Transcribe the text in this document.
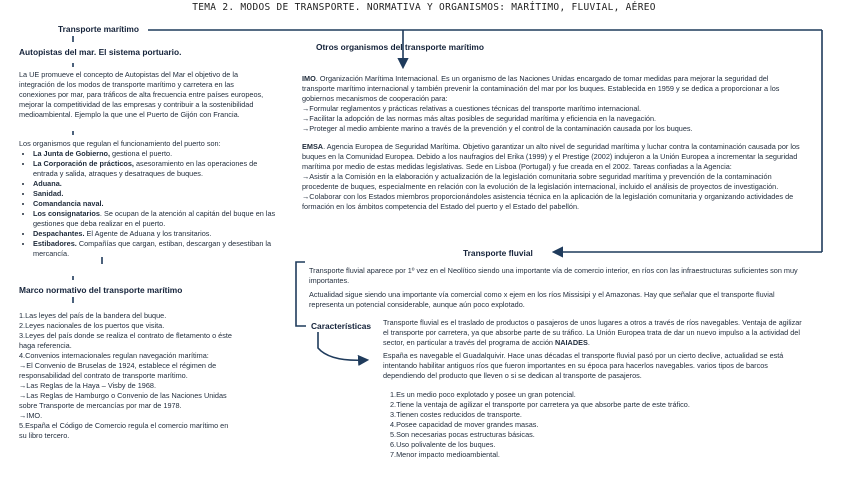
TEMA 2. MODOS DE TRANSPORTE. NORMATIVA Y ORGANISMOS: MARÍTIMO, FLUVIAL, AÉREO
Transporte marítimo
Autopistas del mar. El sistema portuario.

La UE promueve el concepto de Autopistas del Mar el objetivo de la integración de los modos de transporte marítimo y carretera en las conexiones por mar, para tráficos de alta frecuencia entre países europeos, mejorar la competitividad de las empresas y contribuir a la sostenibilidad medioambiental. Ejemplo la que une el Puerto de Gijón con Francia.

Los organismos que regulan el funcionamiento del puerto son:

• La Junta de Gobierno, gestiona el puerto.
• La Corporación de prácticos, asesoramiento en las operaciones de entrada y salida, atraques y desatraques de buques.
• Aduana.
• Sanidad.
• Comandancia naval.
• Los consignatarios. Se ocupan de la atención al capitán del buque en las gestiones que deba realizar en el puerto.
• Despachantes. El Agente de Aduana y los transitarios.
• Estibadores. Compañías que cargan, estiban, descargan y desestiban la mercancía.
Marco normativo del transporte marítimo
1.Las leyes del país de la bandera del buque.
2.Leyes nacionales de los puertos que visita.
3.Leyes del país donde se realiza el contrato de fletamento o éste haga referencia.
4.Convenios internacionales regulan navegación marítima:
→El Convenio de Bruselas de 1924, establece el régimen de responsabilidad del contrato de transporte marítimo.
→Las Reglas de la Haya – Visby de 1968.
→Las Reglas de Hamburgo o Convenio de las Naciones Unidas sobre Transporte de mercancías por mar de 1978.
→IMO.
5.España el Código de Comercio regula el comercio marítimo en su libro tercero.
Otros organismos del transporte marítimo

IMO. Organización Marítima Internacional. Es un organismo de las Naciones Unidas encargado de tomar medidas para mejorar la seguridad del transporte marítimo internacional y también prevenir la contaminación del mar por los buques. Establecida en 1959 y se dedica a proporcionar a los gobiernos mecanismos de cooperación para:

→Formular reglamentos y prácticas relativas a cuestiones técnicas del transporte marítimo internacional.

→Facilitar la adopción de las normas más altas posibles de seguridad marítima y eficiencia en la navegación.

→Proteger al medio ambiente marino a través de la prevención y el control de la contaminación causada por los buques.

EMSA. Agencia Europea de Seguridad Marítima. Objetivo garantizar un alto nivel de seguridad marítima y luchar contra la contaminación causada por los buques en la Comunidad Europea. Debido a los naufragios del Erika (1999) y el Prestige (2002) indujeron a la Unión Europea a incrementar la seguridad marítima por medio de estas medidas legislativas. Sede en Lisboa (Portugal) y fue creada en el 2002. Tareas confiadas a la Agencia:

→Asistir a la Comisión en la elaboración y actualización de la legislación comunitaria sobre seguridad marítima y prevención de la contaminación procedente de buques, especialmente en relación con la evolución de la legislación internacional, incluido el análisis de proyectos de investigación.

→Colaborar con los Estados miembros proporcionándoles asistencia técnica en la aplicación de la legislación comunitaria y organizando actividades de formación en los ámbitos competencia del Estado del puerto y el Estado del pabellón.

Transporte fluvial

Transporte fluvial aparece por 1º vez en el Neolítico siendo una importante vía de comercio interior, en ríos con las infraestructuras suficientes son muy importantes.

Actualidad sigue siendo una importante vía comercial como x ejem en los ríos Missisipi y el Amazonas. Hay que señalar que el transporte fluvial representa un potencial considerable, aunque aún poco explotado.

Características Transporte fluvial es el traslado de productos o pasajeros de unos lugares a otros a través de ríos navegables. Ventaja de agilizar el transporte por carretera, ya que absorbe parte de su tráfico. La Unión Europea trata de dar un nuevo impulso a la actividad del sector, en particular a través del programa de acción NAIADES.

España es navegable el Guadalquivir. Hace unas décadas el transporte fluvial pasó por un cierto declive, actualidad se está intentando habilitar antiguos ríos que fueron importantes en su época para hacerlos navegables. varios tipos de barcos dependiendo del producto que lleven o si se dedican al transporte de pasajeros.

1.Es un medio poco explotado y posee un gran potencial.
2.Tiene la ventaja de agilizar el transporte por carretera ya que absorbe parte de este tráfico.
3.Tienen costes reducidos de transporte.
4.Posee capacidad de mover grandes masas.
5.Son necesarias pocas estructuras básicas.
6.Uso polivalente de los buques.
7.Menor impacto medioambiental.
